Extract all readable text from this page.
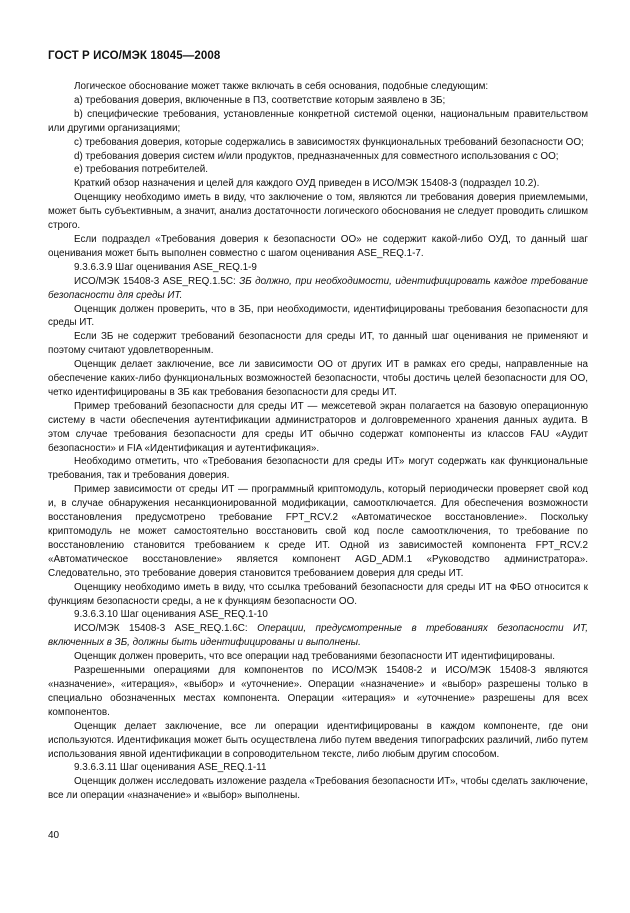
ГОСТ Р ИСО/МЭК 18045—2008

Логическое обоснование может также включать в себя основания, подобные следующим:

a) требования доверия, включенные в ПЗ, соответствие которым заявлено в ЗБ;

b) специфические требования, установленные конкретной системой оценки, национальным правительством или другими организациями;

c) требования доверия, которые содержались в зависимостях функциональных требований безопасности ОО;

d) требования доверия систем и/или продуктов, предназначенных для совместного использования с ОО;

e) требования потребителей.

Краткий обзор назначения и целей для каждого ОУД приведен в ИСО/МЭК 15408-3 (подраздел 10.2).

Оценщику необходимо иметь в виду, что заключение о том, являются ли требования доверия приемлемыми, может быть субъективным, а значит, анализ достаточности логического обоснования не следует проводить слишком строго.

Если подраздел «Требования доверия к безопасности ОО» не содержит какой-либо ОУД, то данный шаг оценивания может быть выполнен совместно с шагом оценивания ASE_REQ.1-7.

9.3.6.3.9 Шаг оценивания ASE_REQ.1-9

ИСО/МЭК 15408-3 ASE_REQ.1.5C: ЗБ должно, при необходимости, идентифицировать каждое требование безопасности для среды ИТ.

Оценщик должен проверить, что в ЗБ, при необходимости, идентифицированы требования безопасности для среды ИТ.

Если ЗБ не содержит требований безопасности для среды ИТ, то данный шаг оценивания не применяют и поэтому считают удовлетворенным.

Оценщик делает заключение, все ли зависимости ОО от других ИТ в рамках его среды, направленные на обеспечение каких-либо функциональных возможностей безопасности, чтобы достичь целей безопасности для ОО, четко идентифицированы в ЗБ как требования безопасности для среды ИТ.

Пример требований безопасности для среды ИТ — межсетевой экран полагается на базовую операционную систему в части обеспечения аутентификации администраторов и долговременного хранения данных аудита. В этом случае требования безопасности для среды ИТ обычно содержат компоненты из классов FAU «Аудит безопасности» и FIA «Идентификация и аутентификация».

Необходимо отметить, что «Требования безопасности для среды ИТ» могут содержать как функциональные требования, так и требования доверия.

Пример зависимости от среды ИТ — программный криптомодуль, который периодически проверяет свой код и, в случае обнаружения несанкционированной модификации, самоотключается. Для обеспечения возможности восстановления предусмотрено требование FPT_RCV.2 «Автоматическое восстановление». Поскольку криптомодуль не может самостоятельно восстановить свой код после самоотключения, то требование по восстановлению становится требованием к среде ИТ. Одной из зависимостей компонента FPT_RCV.2 «Автоматическое восстановление» является компонент AGD_ADM.1 «Руководство администратора». Следовательно, это требование доверия становится требованием доверия для среды ИТ.

Оценщику необходимо иметь в виду, что ссылка требований безопасности для среды ИТ на ФБО относится к функциям безопасности среды, а не к функциям безопасности ОО.

9.3.6.3.10 Шаг оценивания ASE_REQ.1-10

ИСО/МЭК 15408-3 ASE_REQ.1.6C: Операции, предусмотренные в требованиях безопасности ИТ, включенных в ЗБ, должны быть идентифицированы и выполнены.

Оценщик должен проверить, что все операции над требованиями безопасности ИТ идентифицированы.

Разрешенными операциями для компонентов по ИСО/МЭК 15408-2 и ИСО/МЭК 15408-3 являются «назначение», «итерация», «выбор» и «уточнение». Операции «назначение» и «выбор» разрешены только в специально обозначенных местах компонента. Операции «итерация» и «уточнение» разрешены для всех компонентов.

Оценщик делает заключение, все ли операции идентифицированы в каждом компоненте, где они используются. Идентификация может быть осуществлена либо путем введения типографских различий, либо путем использования явной идентификации в сопроводительном тексте, либо любым другим способом.

9.3.6.3.11 Шаг оценивания ASE_REQ.1-11

Оценщик должен исследовать изложение раздела «Требования безопасности ИТ», чтобы сделать заключение, все ли операции «назначение» и «выбор» выполнены.

40
